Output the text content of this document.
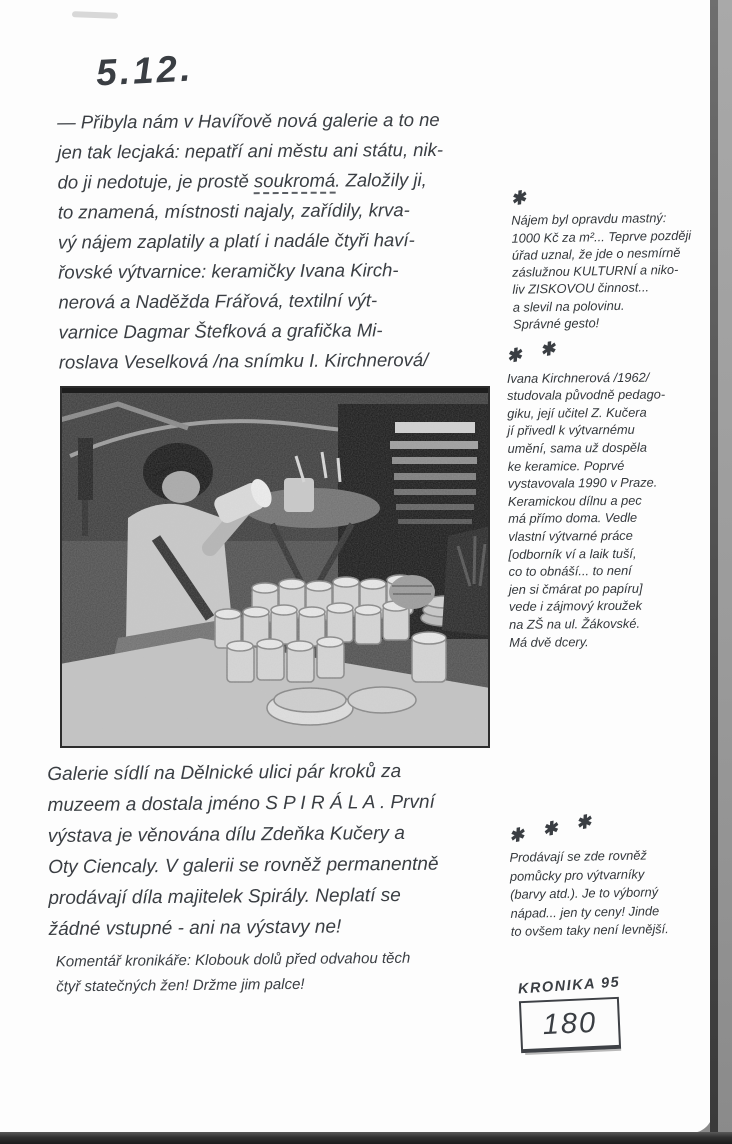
5.12.
— Přibyla nám v Havířově nová galerie a to ne
jen tak lecjaká: nepatří ani městu ani státu, nik-
do ji nedotuje, je prostě soukromá. Založily ji,
to znamená, místnosti najaly, zařídily, krva-
vý nájem zaplatily a platí i nadále čtyři haví-
řovské výtvarnice: keramičky Ivana Kirch-
nerová a Naděžda Frářová, textilní výt-
varnice Dagmar Štefková a grafička Mi-
roslava Veselková /na snímku I. Kirchnerová/
Galerie sídlí na Dělnické ulici pár kroků za
muzeem a dostala jméno S P I R Á L A . První
výstava je věnována dílu Zdeňka Kučery a
Oty Ciencaly. V galerii se rovněž permanentně
prodávají díla majitelek Spirály. Neplatí se
žádné vstupné - ani na výstavy ne!
Komentář kronikáře: Klobouk dolů před odvahou těch
čtyř statečných žen! Držme jim palce!
✱
Nájem byl opravdu mastný:
1000 Kč za m²... Teprve později
úřad uznal, že jde o nesmírně
záslužnou KULTURNÍ a niko-
liv ZISKOVOU činnost...
a slevil na polovinu.
Správné gesto!
✱ ✱
Ivana Kirchnerová /1962/
studovala původně pedago-
giku, její učitel Z. Kučera
jí přivedl k výtvarnému
umění, sama už dospěla
ke keramice. Poprvé
vystavovala 1990 v Praze.
Keramickou dílnu a pec
má přímo doma. Vedle
vlastní výtvarné práce
[odborník ví a laik tuší,
co to obnáší... to není
jen si čmárat po papíru]
vede i zájmový kroužek
na ZŠ na ul. Žákovské.
Má dvě dcery.
✱ ✱ ✱
Prodávají se zde rovněž
pomůcky pro výtvarníky
(barvy atd.). Je to výborný
nápad... jen ty ceny! Jinde
to ovšem taky není levnější.
KRONIKA 95
180
